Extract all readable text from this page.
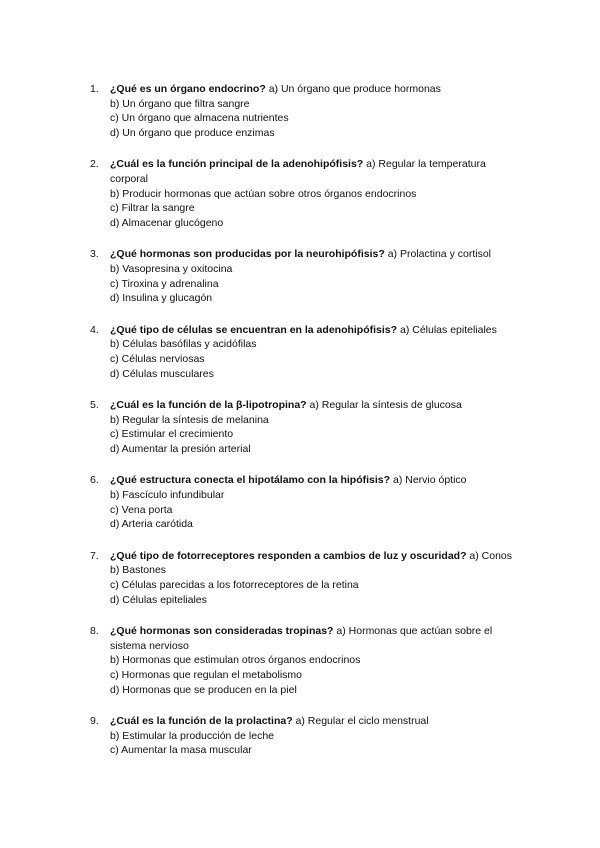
1. ¿Qué es un órgano endocrino? a) Un órgano que produce hormonas
b) Un órgano que filtra sangre
c) Un órgano que almacena nutrientes
d) Un órgano que produce enzimas
2. ¿Cuál es la función principal de la adenohipófisis? a) Regular la temperatura corporal
b) Producir hormonas que actúan sobre otros órganos endocrinos
c) Filtrar la sangre
d) Almacenar glucógeno
3. ¿Qué hormonas son producidas por la neurohipófisis? a) Prolactina y cortisol
b) Vasopresina y oxitocina
c) Tiroxina y adrenalina
d) Insulina y glucagón
4. ¿Qué tipo de células se encuentran en la adenohipófisis? a) Células epiteliales
b) Células basófilas y acidófilas
c) Células nerviosas
d) Células musculares
5. ¿Cuál es la función de la β-lipotropina? a) Regular la síntesis de glucosa
b) Regular la síntesis de melanina
c) Estimular el crecimiento
d) Aumentar la presión arterial
6. ¿Qué estructura conecta el hipotálamo con la hipófisis? a) Nervio óptico
b) Fascículo infundibular
c) Vena porta
d) Arteria carótida
7. ¿Qué tipo de fotorreceptores responden a cambios de luz y oscuridad? a) Conos
b) Bastones
c) Células parecidas a los fotorreceptores de la retina
d) Células epiteliales
8. ¿Qué hormonas son consideradas tropinas? a) Hormonas que actúan sobre el sistema nervioso
b) Hormonas que estimulan otros órganos endocrinos
c) Hormonas que regulan el metabolismo
d) Hormonas que se producen en la piel
9. ¿Cuál es la función de la prolactina? a) Regular el ciclo menstrual
b) Estimular la producción de leche
c) Aumentar la masa muscular
